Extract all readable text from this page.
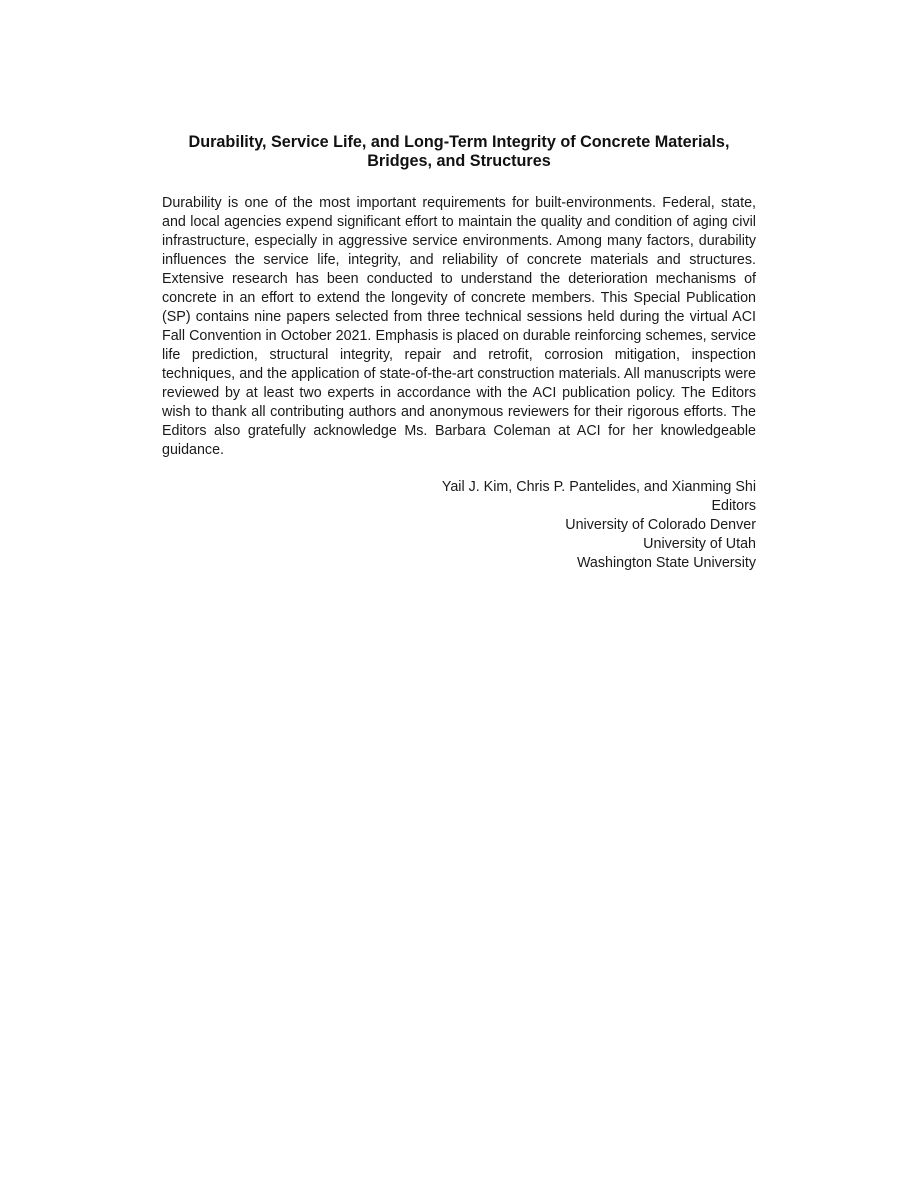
Durability, Service Life, and Long-Term Integrity of Concrete Materials,
Bridges, and Structures

Durability is one of the most important requirements for built-environments. Federal, state, and local agencies expend significant effort to maintain the quality and condition of aging civil infrastructure, especially in aggressive service environments. Among many factors, durability influences the service life, integrity, and reliability of concrete materials and structures. Extensive research has been conducted to understand the deterioration mechanisms of concrete in an effort to extend the longevity of concrete members. This Special Publication (SP) contains nine papers selected from three technical sessions held during the virtual ACI Fall Convention in October 2021. Emphasis is placed on durable reinforcing schemes, service life prediction, structural integrity, repair and retrofit, corrosion mitigation, inspection techniques, and the application of state-of-the-art construction materials. All manuscripts were reviewed by at least two experts in accordance with the ACI publication policy. The Editors wish to thank all contributing authors and anonymous reviewers for their rigorous efforts. The Editors also gratefully acknowledge Ms. Barbara Coleman at ACI for her knowledgeable guidance.

Yail J. Kim, Chris P. Pantelides, and Xianming Shi
Editors
University of Colorado Denver
University of Utah
Washington State University
